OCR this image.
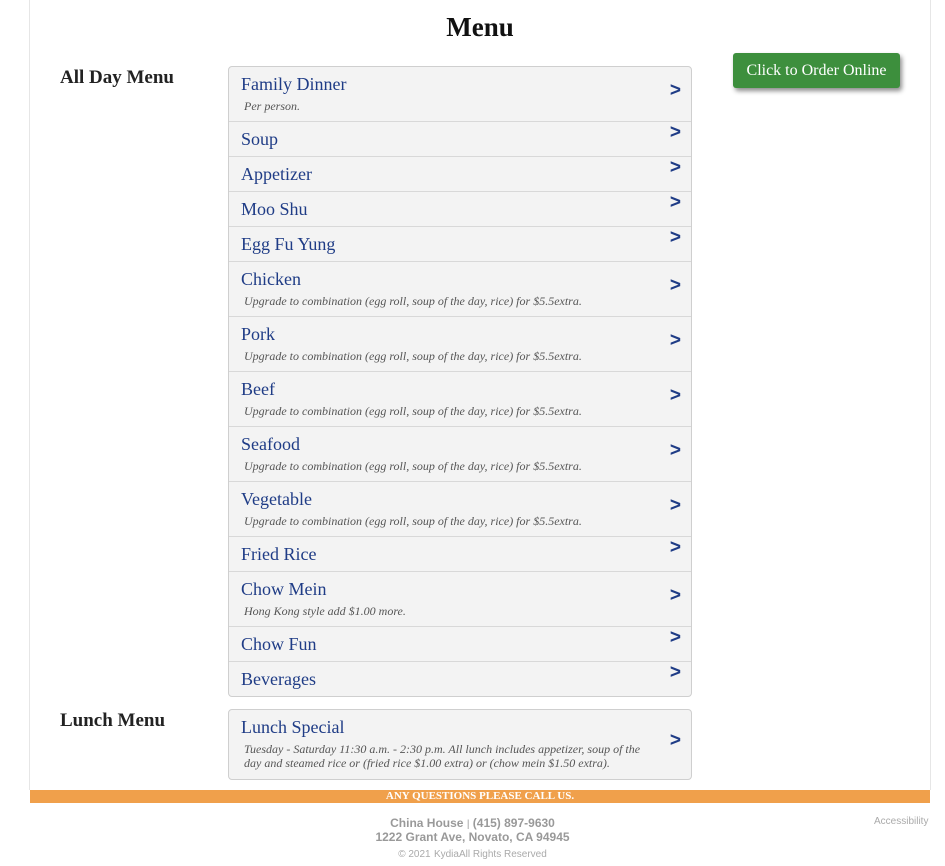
Menu
Click to Order Online
All Day Menu	Family Dinner
Per person.
>
Soup	>
Appetizer	>
Moo Shu	>
Egg Fu Yung	>
Chicken
Upgrade to combination (egg roll, soup of the day, rice) for $5.5extra.
>
Pork
Upgrade to combination (egg roll, soup of the day, rice) for $5.5extra.
>
Beef
Upgrade to combination (egg roll, soup of the day, rice) for $5.5extra.
>
Seafood
Upgrade to combination (egg roll, soup of the day, rice) for $5.5extra.
>
Vegetable
Upgrade to combination (egg roll, soup of the day, rice) for $5.5extra.
>
Fried Rice	>
Chow Mein
Hong Kong style add $1.00 more.
>
Chow Fun	>
Beverages	>
Lunch Menu	Lunch Special
Tuesday - Saturday 11:30 a.m. - 2:30 p.m. All lunch includes appetizer, soup of the day and steamed rice or (fried rice $1.00 extra) or (chow mein $1.50 extra).
>
ANY QUESTIONS PLEASE CALL US.
China House | (415) 897-9630
1222 Grant Ave, Novato, CA 94945
© 2021 KydiaAll Rights Reserved
Accessibility
